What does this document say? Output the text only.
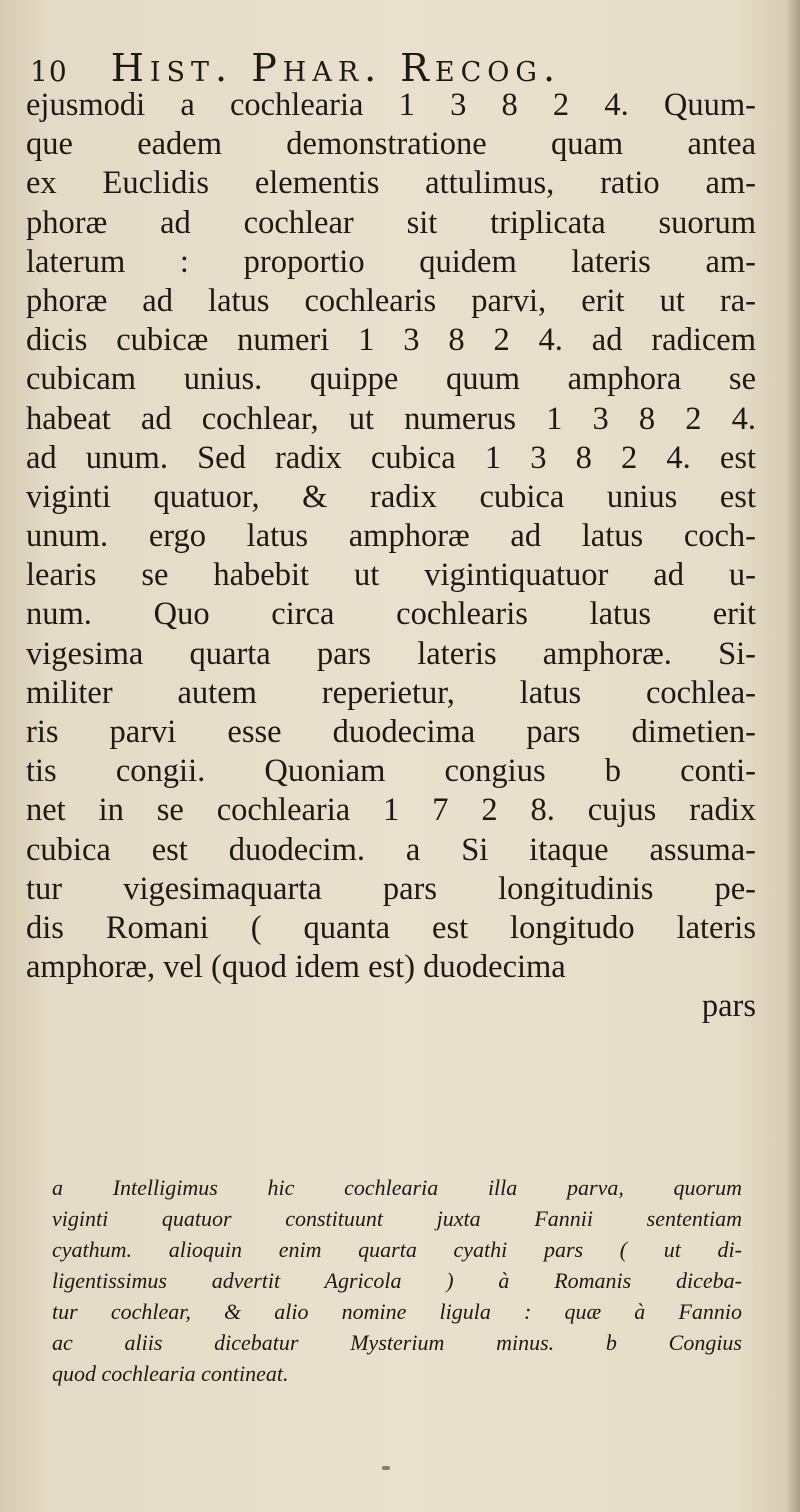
10 Hist. Phar. Recog.
ejusmodi a cochlearia 1 3 8 2 4. Quum-
que eadem demonstratione quam antea
ex Euclidis elementis attulimus, ratio am-
phoræ ad cochlear sit triplicata suorum
laterum : proportio quidem lateris am-
phoræ ad latus cochlearis parvi, erit ut ra-
dicis cubicæ numeri 1 3 8 2 4. ad radicem
cubicam unius. quippe quum amphora se
habeat ad cochlear, ut numerus 1 3 8 2 4.
ad unum. Sed radix cubica 1 3 8 2 4. est
viginti quatuor, & radix cubica unius est
unum. ergo latus amphoræ ad latus coch-
learis se habebit ut vigintiquatuor ad u-
num. Quo circa cochlearis latus erit
vigesima quarta pars lateris amphoræ. Si-
militer autem reperietur, latus cochlea-
ris parvi esse duodecima pars dimetien-
tis congii. Quoniam congius b conti-
net in se cochlearia 1 7 2 8. cujus radix
cubica est duodecim. a Si itaque assuma-
tur vigesimaquarta pars longitudinis pe-
dis Romani ( quanta est longitudo lateris
amphoræ, vel (quod idem est) duodecima
pars
a Intelligimus hic cochlearia illa parva, quorum
viginti quatuor constituunt juxta Fannii sententiam
cyathum. alioquin enim quarta cyathi pars ( ut di-
ligentissimus advertit Agricola ) à Romanis diceba-
tur cochlear, & alio nomine ligula : quæ à Fannio
ac aliis dicebatur Mysterium minus. b Congius
quod cochlearia contineat.
